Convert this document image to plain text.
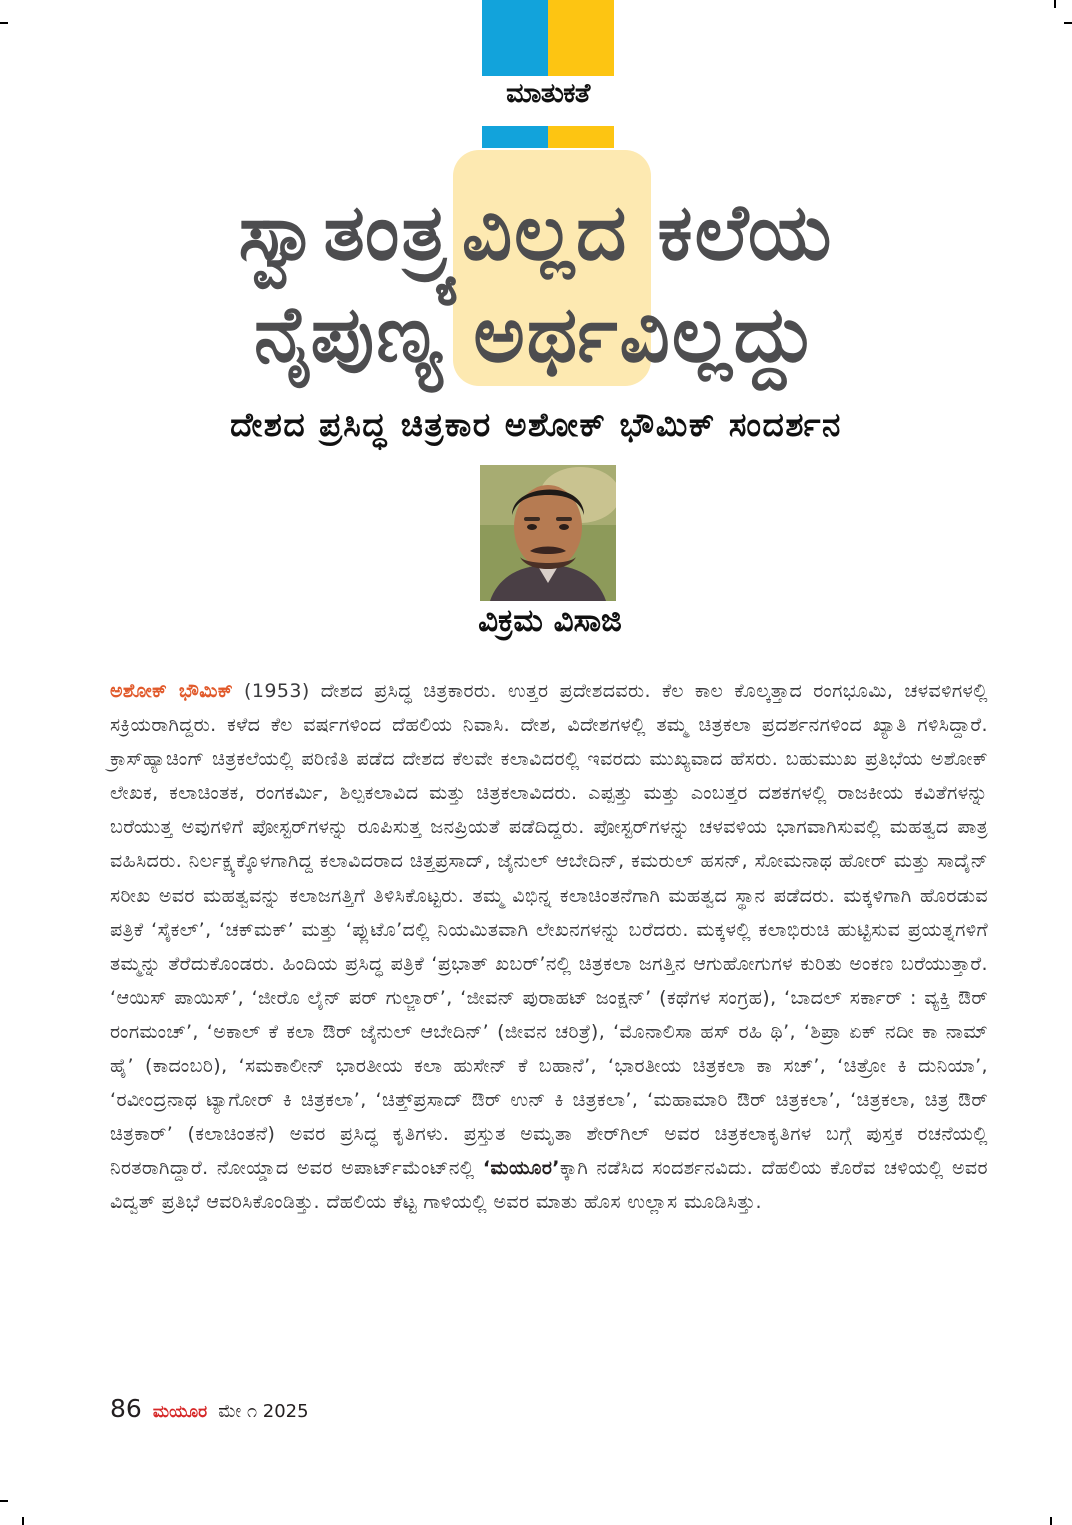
ಮಾತುಕತೆ
ಸ್ವಾತಂತ್ರ್ಯವಿಲ್ಲದ ಕಲೆಯ
ನೈಪುಣ್ಯ ಅರ್ಥವಿಲ್ಲದ್ದು
ದೇಶದ ಪ್ರಸಿದ್ಧ ಚಿತ್ರಕಾರ ಅಶೋಕ್ ಭೌಮಿಕ್ ಸಂದರ್ಶನ
ವಿಕ್ರಮ ವಿಸಾಜಿ
ಅಶೋಕ್ ಭೌಮಿಕ್ (1953) ದೇಶದ ಪ್ರಸಿದ್ಧ ಚಿತ್ರಕಾರರು. ಉತ್ತರ ಪ್ರದೇಶದವರು. ಕೆಲ ಕಾಲ ಕೊಲ್ಕತ್ತಾದ ರಂಗಭೂಮಿ, ಚಳವಳಿಗಳಲ್ಲಿ ಸಕ್ರಿಯರಾಗಿದ್ದರು. ಕಳೆದ ಕೆಲ ವರ್ಷಗಳಿಂದ ದೆಹಲಿಯ ನಿವಾಸಿ. ದೇಶ, ವಿದೇಶಗಳಲ್ಲಿ ತಮ್ಮ ಚಿತ್ರಕಲಾ ಪ್ರದರ್ಶನಗಳಿಂದ ಖ್ಯಾತಿ ಗಳಿಸಿದ್ದಾರೆ. ಕ್ರಾಸ್‌ಹ್ಯಾಚಿಂಗ್ ಚಿತ್ರಕಲೆಯಲ್ಲಿ ಪರಿಣಿತಿ ಪಡೆದ ದೇಶದ ಕೆಲವೇ ಕಲಾವಿದರಲ್ಲಿ ಇವರದು ಮುಖ್ಯವಾದ ಹೆಸರು. ಬಹುಮುಖ ಪ್ರತಿಭೆಯ ಅಶೋಕ್ ಲೇಖಕ, ಕಲಾಚಿಂತಕ, ರಂಗಕರ್ಮಿ, ಶಿಲ್ಪಕಲಾವಿದ ಮತ್ತು ಚಿತ್ರಕಲಾವಿದರು. ಎಪ್ಪತ್ತು ಮತ್ತು ಎಂಬತ್ತರ ದಶಕಗಳಲ್ಲಿ ರಾಜಕೀಯ ಕವಿತೆಗಳನ್ನು ಬರೆಯುತ್ತ ಅವುಗಳಿಗೆ ಪೋಸ್ಟರ್‌ಗಳನ್ನು ರೂಪಿಸುತ್ತ ಜನಪ್ರಿಯತೆ ಪಡೆದಿದ್ದರು. ಪೋಸ್ಟರ್‌ಗಳನ್ನು ಚಳವಳಿಯ ಭಾಗವಾಗಿಸುವಲ್ಲಿ ಮಹತ್ವದ ಪಾತ್ರ ವಹಿಸಿದರು. ನಿರ್ಲಕ್ಷ್ಯಕ್ಕೊಳಗಾಗಿದ್ದ ಕಲಾವಿದರಾದ ಚಿತ್ತಪ್ರಸಾದ್, ಜೈನುಲ್ ಆಬೇದಿನ್, ಕಮರುಲ್ ಹಸನ್, ಸೋಮನಾಥ ಹೋರ್ ಮತ್ತು ಸಾದೈನ್ ಸರೀಖ ಅವರ ಮಹತ್ವವನ್ನು ಕಲಾಜಗತ್ತಿಗೆ ತಿಳಿಸಿಕೊಟ್ಟರು. ತಮ್ಮ ವಿಭಿನ್ನ ಕಲಾಚಿಂತನೆಗಾಗಿ ಮಹತ್ವದ ಸ್ಥಾನ ಪಡೆದರು. ಮಕ್ಕಳಿಗಾಗಿ ಹೊರಡುವ ಪತ್ರಿಕೆ ‘ಸೈಕಲ್’, ‘ಚಕ್‌ಮಕ್’ ಮತ್ತು ‘ಪ್ಲುಟೊ’ದಲ್ಲಿ ನಿಯಮಿತವಾಗಿ ಲೇಖನಗಳನ್ನು ಬರೆದರು. ಮಕ್ಕಳಲ್ಲಿ ಕಲಾಭಿರುಚಿ ಹುಟ್ಟಿಸುವ ಪ್ರಯತ್ನಗಳಿಗೆ ತಮ್ಮನ್ನು ತೆರೆದುಕೊಂಡರು. ಹಿಂದಿಯ ಪ್ರಸಿದ್ಧ ಪತ್ರಿಕೆ ‘ಪ್ರಭಾತ್ ಖಬರ್’ನಲ್ಲಿ ಚಿತ್ರಕಲಾ ಜಗತ್ತಿನ ಆಗುಹೋಗುಗಳ ಕುರಿತು ಅಂಕಣ ಬರೆಯುತ್ತಾರೆ. ‘ಆಯಿಸ್ ಪಾಯಿಸ್’, ‘ಜೀರೊ ಲೈನ್ ಪರ್ ಗುಲ್ಜಾರ್’, ‘ಜೀವನ್ ಪುರಾಹಟ್ ಜಂಕ್ಷನ್’ (ಕಥೆಗಳ ಸಂಗ್ರಹ), ‘ಬಾದಲ್ ಸರ್ಕಾರ್ : ವ್ಯಕ್ತಿ ಔರ್ ರಂಗಮಂಚ್’, ‘ಅಕಾಲ್ ಕೆ ಕಲಾ ಔರ್ ಜೈನುಲ್ ಆಬೇದಿನ್’ (ಜೀವನ ಚರಿತ್ರೆ), ‘ಮೊನಾಲಿಸಾ ಹಸ್ ರಹಿ ಥಿ’, ‘ಶಿಪ್ರಾ ಏಕ್ ನದೀ ಕಾ ನಾಮ್ ಹೈ’ (ಕಾದಂಬರಿ), ‘ಸಮಕಾಲೀನ್ ಭಾರತೀಯ ಕಲಾ ಹುಸೇನ್ ಕೆ ಬಹಾನೆ’, ‘ಭಾರತೀಯ ಚಿತ್ರಕಲಾ ಕಾ ಸಚ್’, ‘ಚಿತ್ರೋ ಕಿ ದುನಿಯಾ’, ‘ರವೀಂದ್ರನಾಥ ಟ್ಯಾಗೋರ್ ಕಿ ಚಿತ್ರಕಲಾ’, ‘ಚಿತ್ತ್‌ಪ್ರಸಾದ್ ಔರ್ ಉನ್ ಕಿ ಚಿತ್ರಕಲಾ’, ‘ಮಹಾಮಾರಿ ಔರ್ ಚಿತ್ರಕಲಾ’, ‘ಚಿತ್ರಕಲಾ, ಚಿತ್ರ ಔರ್ ಚಿತ್ರಕಾರ್’ (ಕಲಾಚಿಂತನೆ) ಅವರ ಪ್ರಸಿದ್ಧ ಕೃತಿಗಳು. ಪ್ರಸ್ತುತ ಅಮೃತಾ ಶೇರ್‌ಗಿಲ್ ಅವರ ಚಿತ್ರಕಲಾಕೃತಿಗಳ ಬಗ್ಗೆ ಪುಸ್ತಕ ರಚನೆಯಲ್ಲಿ ನಿರತರಾಗಿದ್ದಾರೆ. ನೋಯ್ಡಾದ ಅವರ ಅಪಾರ್ಟ್‌ಮೆಂಟ್‌ನಲ್ಲಿ ‘ಮಯೂರ’ಕ್ಕಾಗಿ ನಡೆಸಿದ ಸಂದರ್ಶನವಿದು. ದೆಹಲಿಯ ಕೊರೆವ ಚಳಿಯಲ್ಲಿ ಅವರ ವಿದ್ವತ್ ಪ್ರತಿಭೆ ಆವರಿಸಿಕೊಂಡಿತ್ತು. ದೆಹಲಿಯ ಕೆಟ್ಟ ಗಾಳಿಯಲ್ಲಿ ಅವರ ಮಾತು ಹೊಸ ಉಲ್ಲಾಸ ಮೂಡಿಸಿತ್ತು.
86 ಮಯೂರ ಮೇ ೧ 2025
